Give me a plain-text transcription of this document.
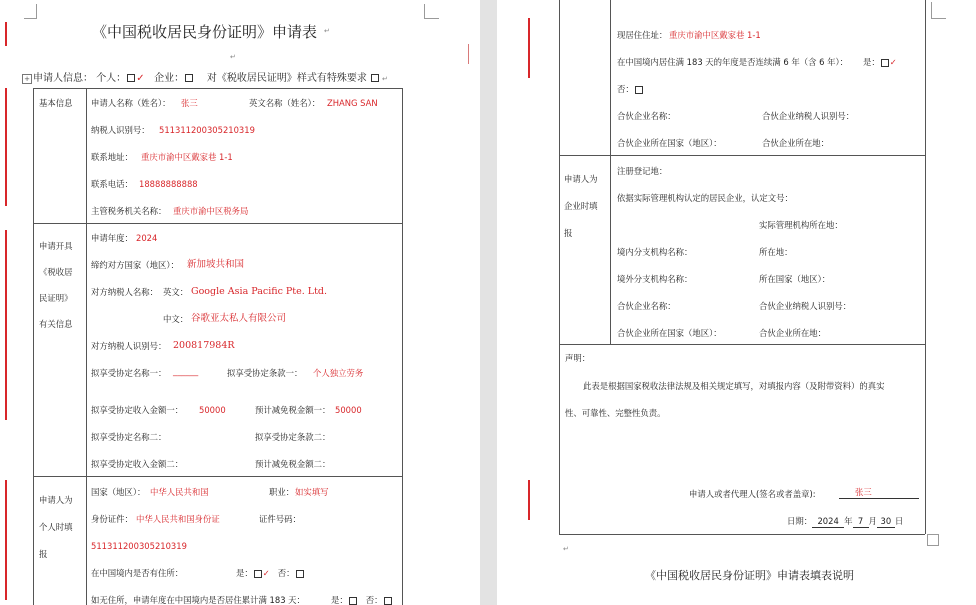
《中国税收居民身份证明》申请表 ↵
↵
+ 申请人信息： 个人： ✓ 企业： 对《税收居民证明》样式有特殊要求 ↵
基本信息 申请人名称（姓名）： 张三	英文名称（姓名）： ZHANG SAN
纳税人识别号： 511311200305210319
联系地址： 重庆市渝中区戴家巷 1-1
联系电话： 18888888888
主管税务机关名称： 重庆市渝中区税务局
申请开具
《税收居
民证明》
有关信息
申请年度： 2024
缔约对方国家（地区）： 新加坡共和国
对方纳税人名称： 英文： Google Asia Pacific Pte. Ltd.
中文： 谷歌亚太私人有限公司
对方纳税人识别号： 200817984R
拟享受协定名称一： ______	拟享受协定条款一： 个人独立劳务
拟享受协定收入金额一： 50000	预计减免税金额一： 50000
拟享受协定名称二：	拟享受协定条款二：
拟享受协定收入金额二：	预计减免税金额二：
申请人为
个人时填
报
国家（地区）： 中华人民共和国	职业： 如实填写
身份证件： 中华人民共和国身份证	证件号码：
511311200305210319
在中国境内是否有住所：	是： ✓ 否：
如无住所，申请年度在中国境内是否居住累计满 183 天：	是： 否：
现居住住址： 重庆市渝中区戴家巷 1-1
在中国境内居住满 183 天的年度是否连续满 6 年（含 6 年）： 是： ✓
否：
合伙企业名称：	合伙企业纳税人识别号：
合伙企业所在国家（地区）：	合伙企业所在地：
申请人为
企业时填
报
注册登记地：
依据实际管理机构认定的居民企业，认定文号：
实际管理机构所在地：
境内分支机构名称：	所在地：
境外分支机构名称：	所在国家（地区）：
合伙企业名称：	合伙企业纳税人识别号：
合伙企业所在国家（地区）：	合伙企业所在地：
声明：
此表是根据国家税收法律法规及相关规定填写，对填报内容（及附带资料）的真实
性、可靠性、完整性负责。
申请人或者代理人(签名或者盖章):	张三
日期： 2024 年 7 月 30 日
↵
《中国税收居民身份证明》申请表填表说明
